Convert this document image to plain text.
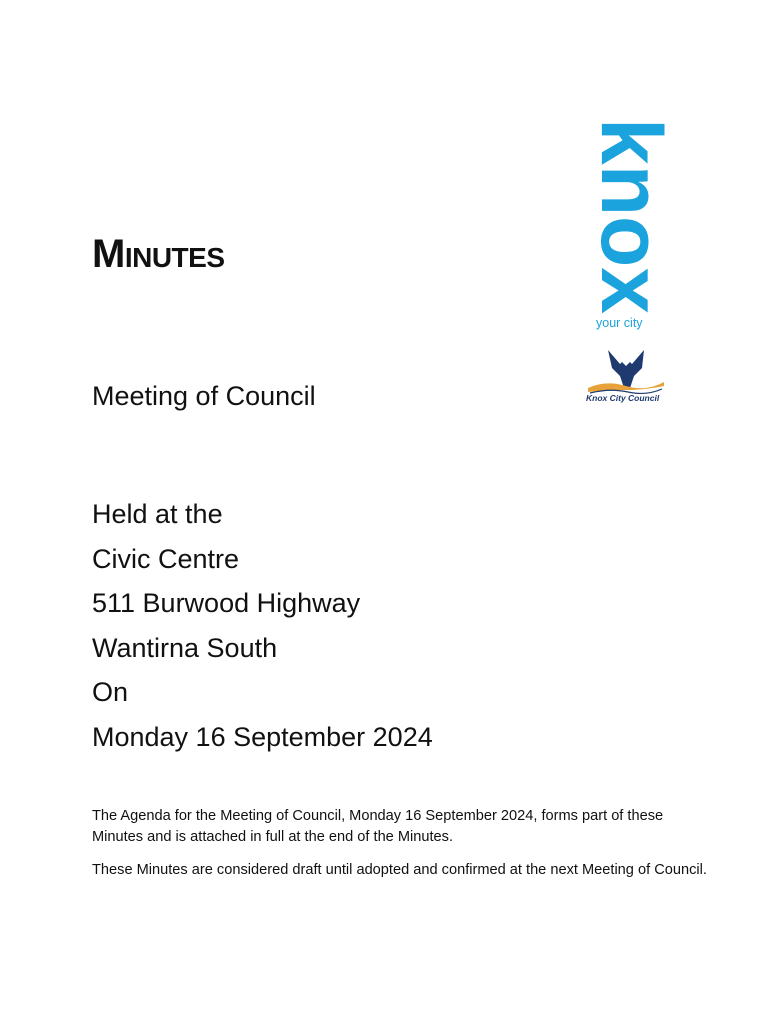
Minutes
Meeting of Council
Held at the
Civic Centre
511 Burwood Highway
Wantirna South
On
Monday 16 September 2024

The Agenda for the Meeting of Council, Monday 16 September 2024, forms part of these Minutes and is attached in full at the end of the Minutes.

These Minutes are considered draft until adopted and confirmed at the next Meeting of Council.

knox
your city
Knox City Council
